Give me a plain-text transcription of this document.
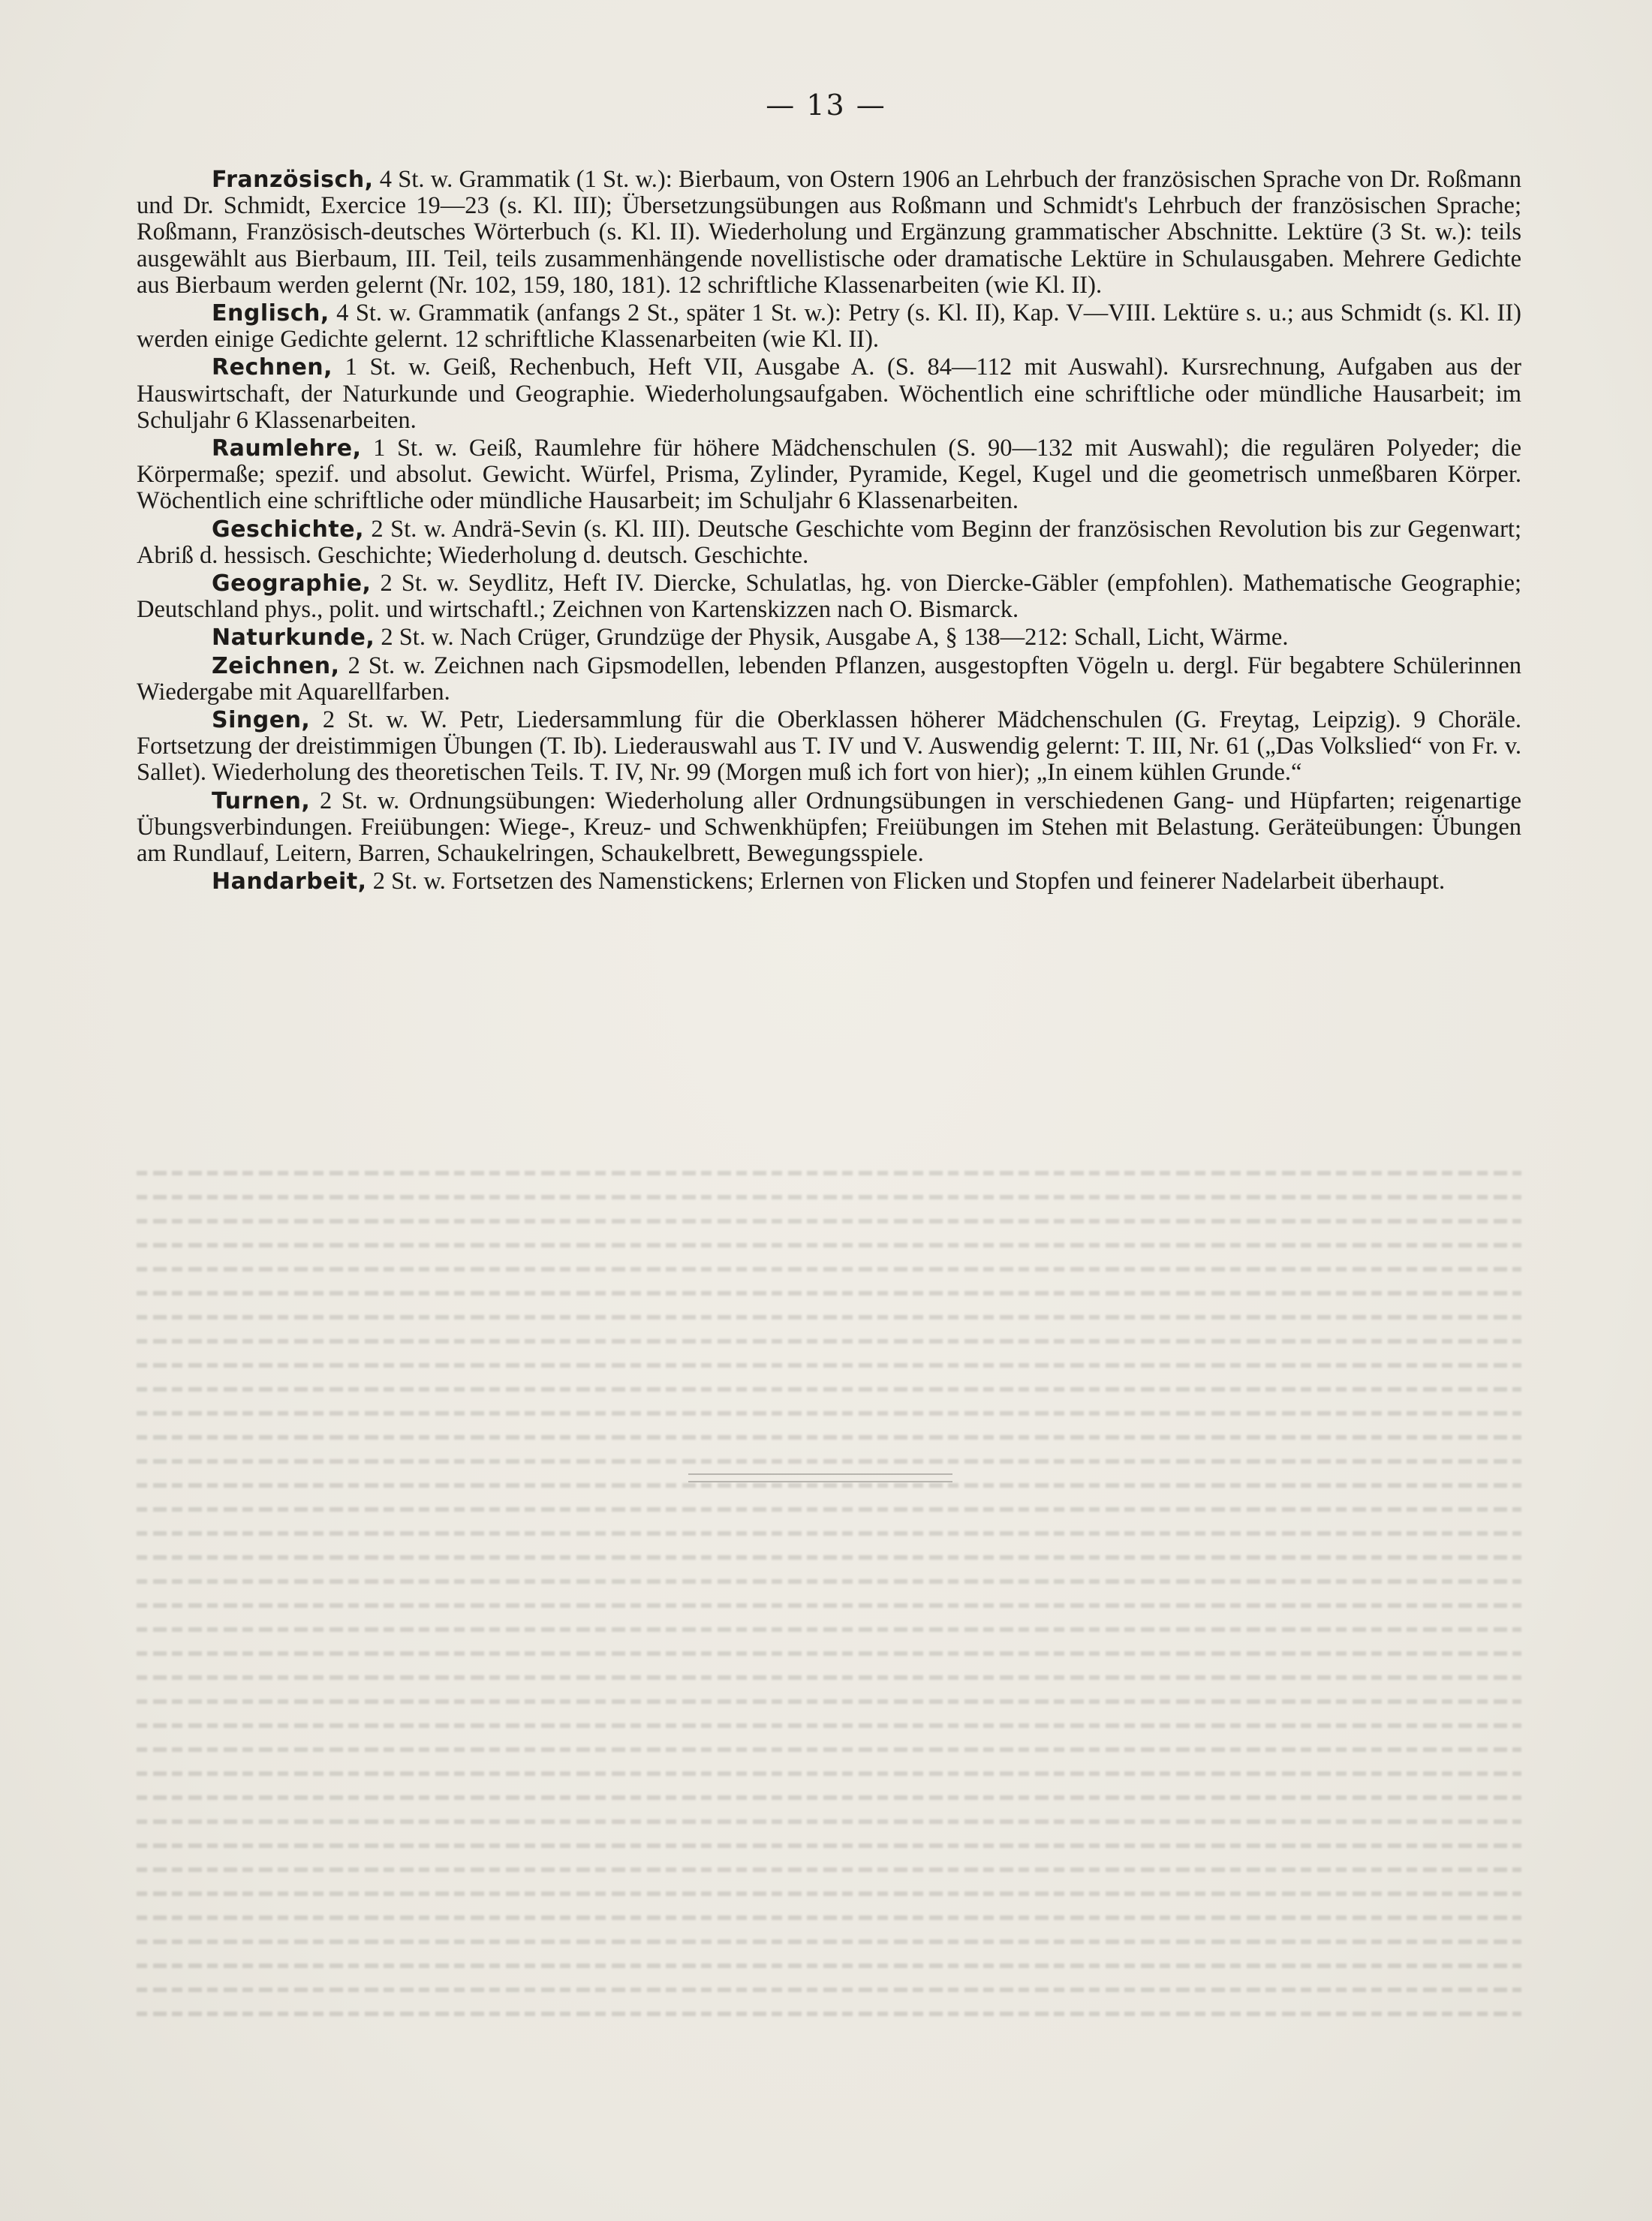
— 13 —

Französisch, 4 St. w. Grammatik (1 St. w.): Bierbaum, von Ostern 1906 an Lehrbuch der französischen Sprache von Dr. Roßmann und Dr. Schmidt, Exercice 19—23 (s. Kl. III); Übersetzungsübungen aus Roßmann und Schmidt's Lehrbuch der französischen Sprache; Roßmann, Französisch-deutsches Wörterbuch (s. Kl. II). Wiederholung und Ergänzung grammatischer Abschnitte. Lektüre (3 St. w.): teils ausgewählt aus Bierbaum, III. Teil, teils zusammenhängende novellistische oder dramatische Lektüre in Schulausgaben. Mehrere Gedichte aus Bierbaum werden gelernt (Nr. 102, 159, 180, 181). 12 schriftliche Klassenarbeiten (wie Kl. II).

Englisch, 4 St. w. Grammatik (anfangs 2 St., später 1 St. w.): Petry (s. Kl. II), Kap. V—VIII. Lektüre s. u.; aus Schmidt (s. Kl. II) werden einige Gedichte gelernt. 12 schriftliche Klassenarbeiten (wie Kl. II).

Rechnen, 1 St. w. Geiß, Rechenbuch, Heft VII, Ausgabe A. (S. 84—112 mit Auswahl). Kursrechnung, Aufgaben aus der Hauswirtschaft, der Naturkunde und Geographie. Wiederholungsaufgaben. Wöchentlich eine schriftliche oder mündliche Hausarbeit; im Schuljahr 6 Klassenarbeiten.

Raumlehre, 1 St. w. Geiß, Raumlehre für höhere Mädchenschulen (S. 90—132 mit Auswahl); die regulären Polyeder; die Körpermaße; spezif. und absolut. Gewicht. Würfel, Prisma, Zylinder, Pyramide, Kegel, Kugel und die geometrisch unmeßbaren Körper. Wöchentlich eine schriftliche oder mündliche Hausarbeit; im Schuljahr 6 Klassenarbeiten.

Geschichte, 2 St. w. Andrä-Sevin (s. Kl. III). Deutsche Geschichte vom Beginn der französischen Revolution bis zur Gegenwart; Abriß d. hessisch. Geschichte; Wiederholung d. deutsch. Geschichte.

Geographie, 2 St. w. Seydlitz, Heft IV. Diercke, Schulatlas, hg. von Diercke-Gäbler (empfohlen). Mathematische Geographie; Deutschland phys., polit. und wirtschaftl.; Zeichnen von Kartenskizzen nach O. Bismarck.

Naturkunde, 2 St. w. Nach Crüger, Grundzüge der Physik, Ausgabe A, § 138—212: Schall, Licht, Wärme.

Zeichnen, 2 St. w. Zeichnen nach Gipsmodellen, lebenden Pflanzen, ausgestopften Vögeln u. dergl. Für begabtere Schülerinnen Wiedergabe mit Aquarellfarben.

Singen, 2 St. w. W. Petr, Liedersammlung für die Oberklassen höherer Mädchenschulen (G. Freytag, Leipzig). 9 Choräle. Fortsetzung der dreistimmigen Übungen (T. Ib). Liederauswahl aus T. IV und V. Auswendig gelernt: T. III, Nr. 61 („Das Volkslied“ von Fr. v. Sallet). Wiederholung des theoretischen Teils. T. IV, Nr. 99 (Morgen muß ich fort von hier); „In einem kühlen Grunde.“

Turnen, 2 St. w. Ordnungsübungen: Wiederholung aller Ordnungsübungen in verschiedenen Gang- und Hüpfarten; reigenartige Übungsverbindungen. Freiübungen: Wiege-, Kreuz- und Schwenkhüpfen; Freiübungen im Stehen mit Belastung. Geräteübungen: Übungen am Rundlauf, Leitern, Barren, Schaukelringen, Schaukelbrett, Bewegungsspiele.

Handarbeit, 2 St. w. Fortsetzen des Namenstickens; Erlernen von Flicken und Stopfen und feinerer Nadelarbeit überhaupt.
